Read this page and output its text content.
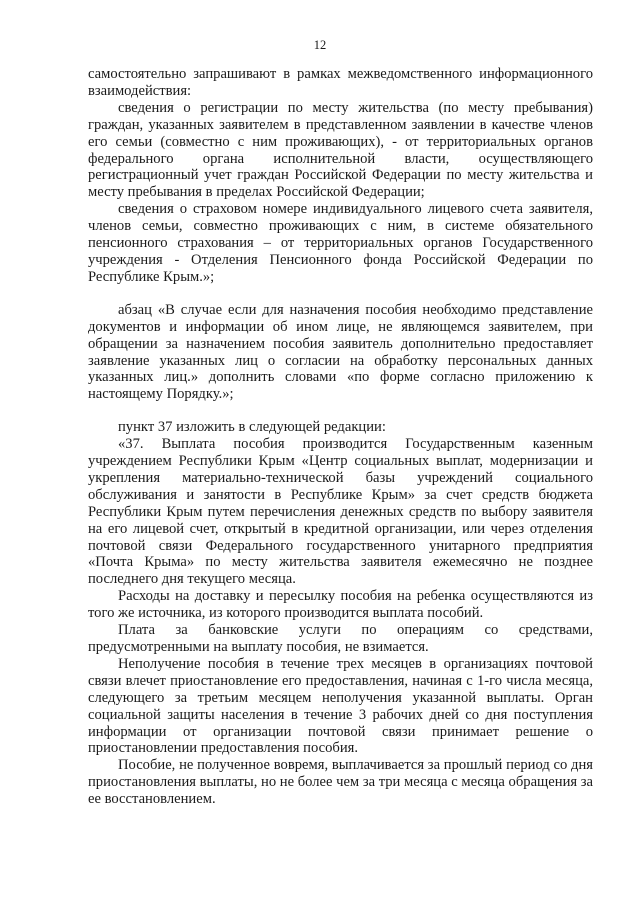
12

самостоятельно запрашивают в рамках межведомственного информационного взаимодействия:

сведения о регистрации по месту жительства (по месту пребывания) граждан, указанных заявителем в представленном заявлении в качестве членов его семьи (совместно с ним проживающих), - от территориальных органов федерального органа исполнительной власти, осуществляющего регистрационный учет граждан Российской Федерации по месту жительства и месту пребывания в пределах Российской Федерации;

сведения о страховом номере индивидуального лицевого счета заявителя, членов семьи, совместно проживающих с ним, в системе обязательного пенсионного страхования – от территориальных органов Государственного учреждения - Отделения Пенсионного фонда Российской Федерации по Республике Крым.»;

абзац «В случае если для назначения пособия необходимо представление документов и информации об ином лице, не являющемся заявителем, при обращении за назначением пособия заявитель дополнительно предоставляет заявление указанных лиц о согласии на обработку персональных данных указанных лиц.» дополнить словами «по форме согласно приложению к настоящему Порядку.»;

пункт 37 изложить в следующей редакции:

«37. Выплата пособия производится Государственным казенным учреждением Республики Крым «Центр социальных выплат, модернизации и укрепления материально-технической базы учреждений социального обслуживания и занятости в Республике Крым» за счет средств бюджета Республики Крым путем перечисления денежных средств по выбору заявителя на его лицевой счет, открытый в кредитной организации, или через отделения почтовой связи Федерального государственного унитарного предприятия «Почта Крыма» по месту жительства заявителя ежемесячно не позднее последнего дня текущего месяца.

Расходы на доставку и пересылку пособия на ребенка осуществляются из того же источника, из которого производится выплата пособий.

Плата за банковские услуги по операциям со средствами, предусмотренными на выплату пособия, не взимается.

Неполучение пособия в течение трех месяцев в организациях почтовой связи влечет приостановление его предоставления, начиная с 1-го числа месяца, следующего за третьим месяцем неполучения указанной выплаты. Орган социальной защиты населения в течение 3 рабочих дней со дня поступления информации от организации почтовой связи принимает решение о приостановлении предоставления пособия.

Пособие, не полученное вовремя, выплачивается за прошлый период со дня приостановления выплаты, но не более чем за три месяца с месяца обращения за ее восстановлением.
